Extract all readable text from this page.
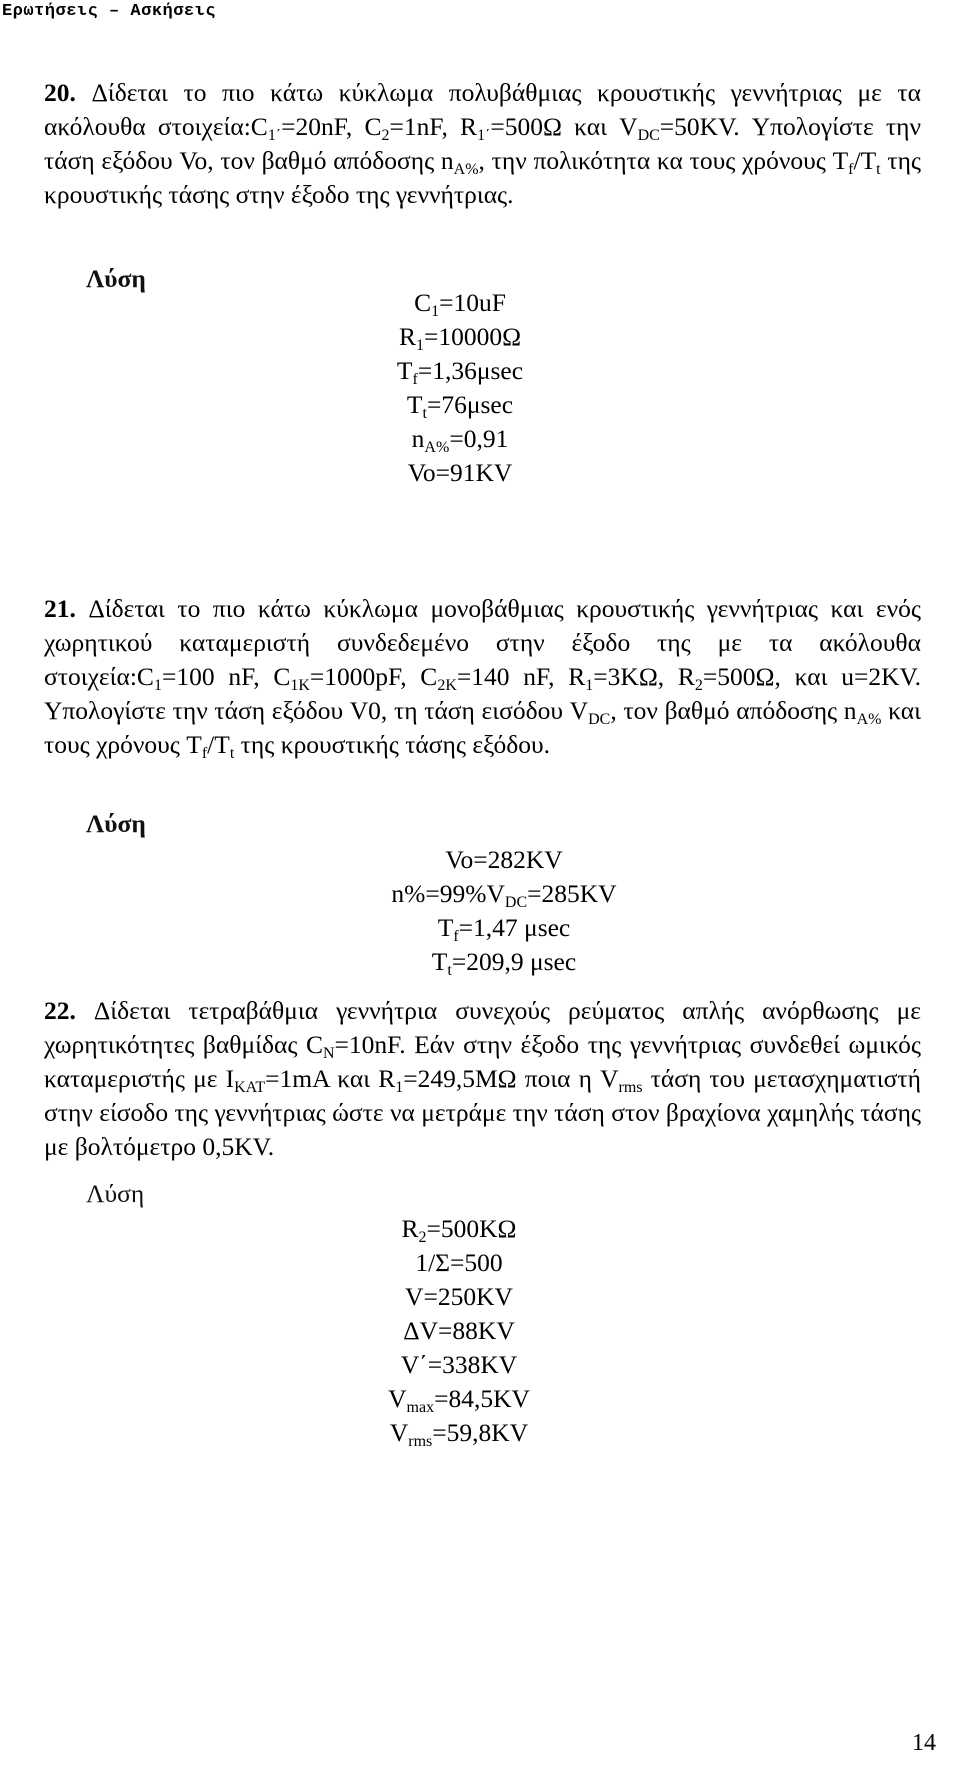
Ερωτήσεις – Ασκήσεις
20. Δίδεται το πιο κάτω κύκλωμα πολυβάθμιας κρουστικής γεννήτριας με τα ακόλουθα $\sigma\tau o\iota\chi\varepsilon ί\alpha:C_{1΄}=20nF$, $C_2=1nF$, $R_{1΄}=500\Omega$ και $V_{DC}=50KV$. Υπολογίστε την τάση εξόδου Vo, τον βαθμό απόδοσης $n_{A\%}$, την πολικότητα κα τους χρόνους $T_f/T_t$ της κρουστικής τάσης στην έξοδο της γεννήτριας.
Λύση
$C_1=10uF$
$R_1=10000\Omega$
$T_f=1,36\mu\sec$
$T_t=76\mu\sec$
$n_{A\%}=0,91$
Vo=91KV
21. Δίδεται το πιο κάτω κύκλωμα μονοβάθμιας κρουστικής γεννήτριας και ενός χωρητικού καταμεριστή συνδεδεμένο στην έξοδο της με τα ακόλουθα $\sigma\tau o\iota\chi\varepsilon ί\alpha:C_1=100$ nF, $C_{1K}=1000pF$, $C_{2K}=140$ nF, $R_1=3K\Omega$, $R_2=500\Omega$, και u=2KV. Υπολογίστε την τάση εξόδου V0, τη τάση εισόδου $V_{DC}$, τον βαθμό απόδοσης $n_{A\%}$ και τους χρόνους $T_f/T_t$ της κρουστικής τάσης εξόδου.
Λύση
Vo=282KV
$n\%=99\%V_{DC}=285KV$
$T_f=1,47$ μsec
$T_t=209,9$ μsec
22. Δίδεται τετραβάθμια γεννήτρια συνεχούς ρεύματος απλής ανόρθωσης με χωρητικότητες βαθμίδας $C_N=10nF$. Εάν στην έξοδο της γεννήτριας συνδεθεί ωμικός καταμεριστής με $I_{KAT}=1mA$ και $R_1=249,5M\Omega$ ποια η $V_{rms}$ τάση του μετασχηματιστή στην είσοδο της γεννήτριας ώστε να μετράμε την τάση στον βραχίονα χαμηλής τάσης με βολτόμετρο 0,5KV.
Λύση
$R_2=500K\Omega$
1/Σ=500
V=250KV
ΔV=88KV
V΄=338KV
$V_{max}=84,5KV$
$V_{rms}=59,8KV$
14
